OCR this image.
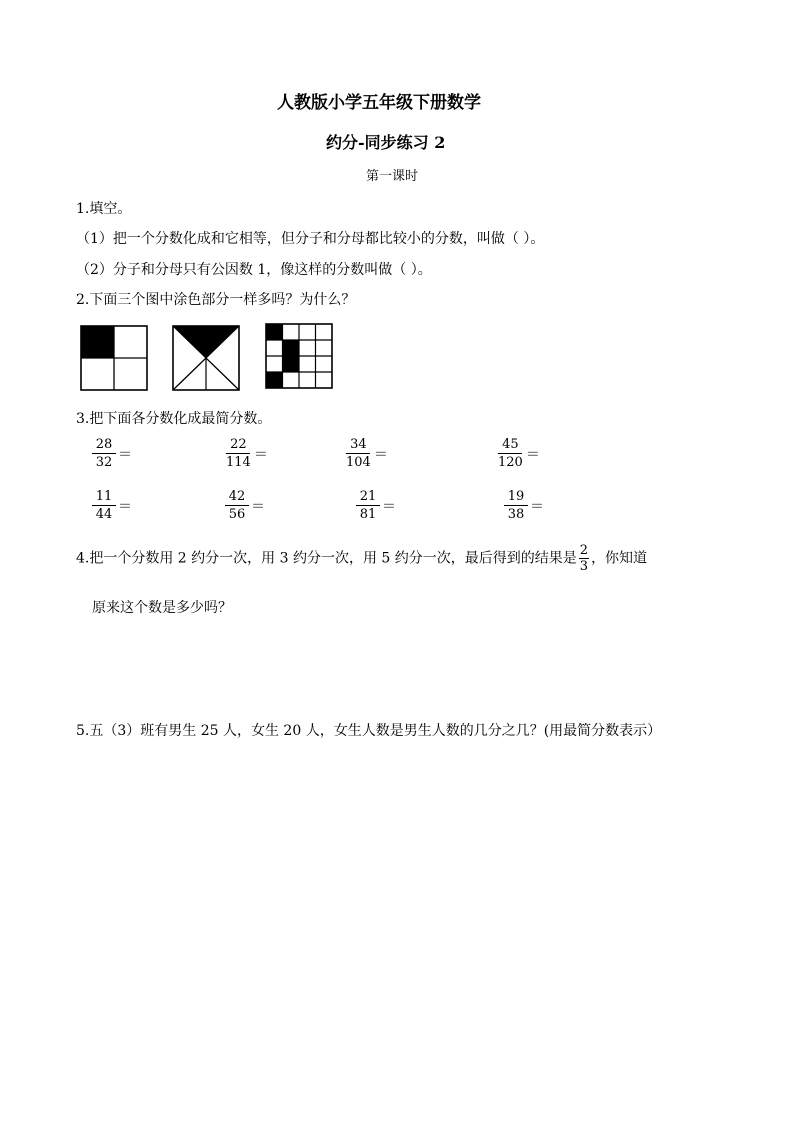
人教版小学五年级下册数学
约分-同步练习 2
第一课时
1.填空。
（1）把一个分数化成和它相等，但分子和分母都比较小的分数，叫做（ ）。
（2）分子和分母只有公因数 1，像这样的分数叫做（ ）。
2.下面三个图中涂色部分一样多吗？为什么？
3.把下面各分数化成最简分数。
$\frac{28}{32}$ ＝	$\frac{22}{114}$ ＝	$\frac{34}{104}$ ＝	$\frac{45}{120}$ ＝
$\frac{11}{44}$ ＝	$\frac{42}{56}$ ＝	$\frac{21}{81}$ ＝	$\frac{19}{38}$ ＝
4.把一个分数用 2 约分一次，用 3 约分一次，用 5 约分一次，最后得到的结果是 $\frac{2}{3}$ ，你知道
原来这个数是多少吗？
5.五（3）班有男生 25 人，女生 20 人，女生人数是男生人数的几分之几？(用最简分数表示）
